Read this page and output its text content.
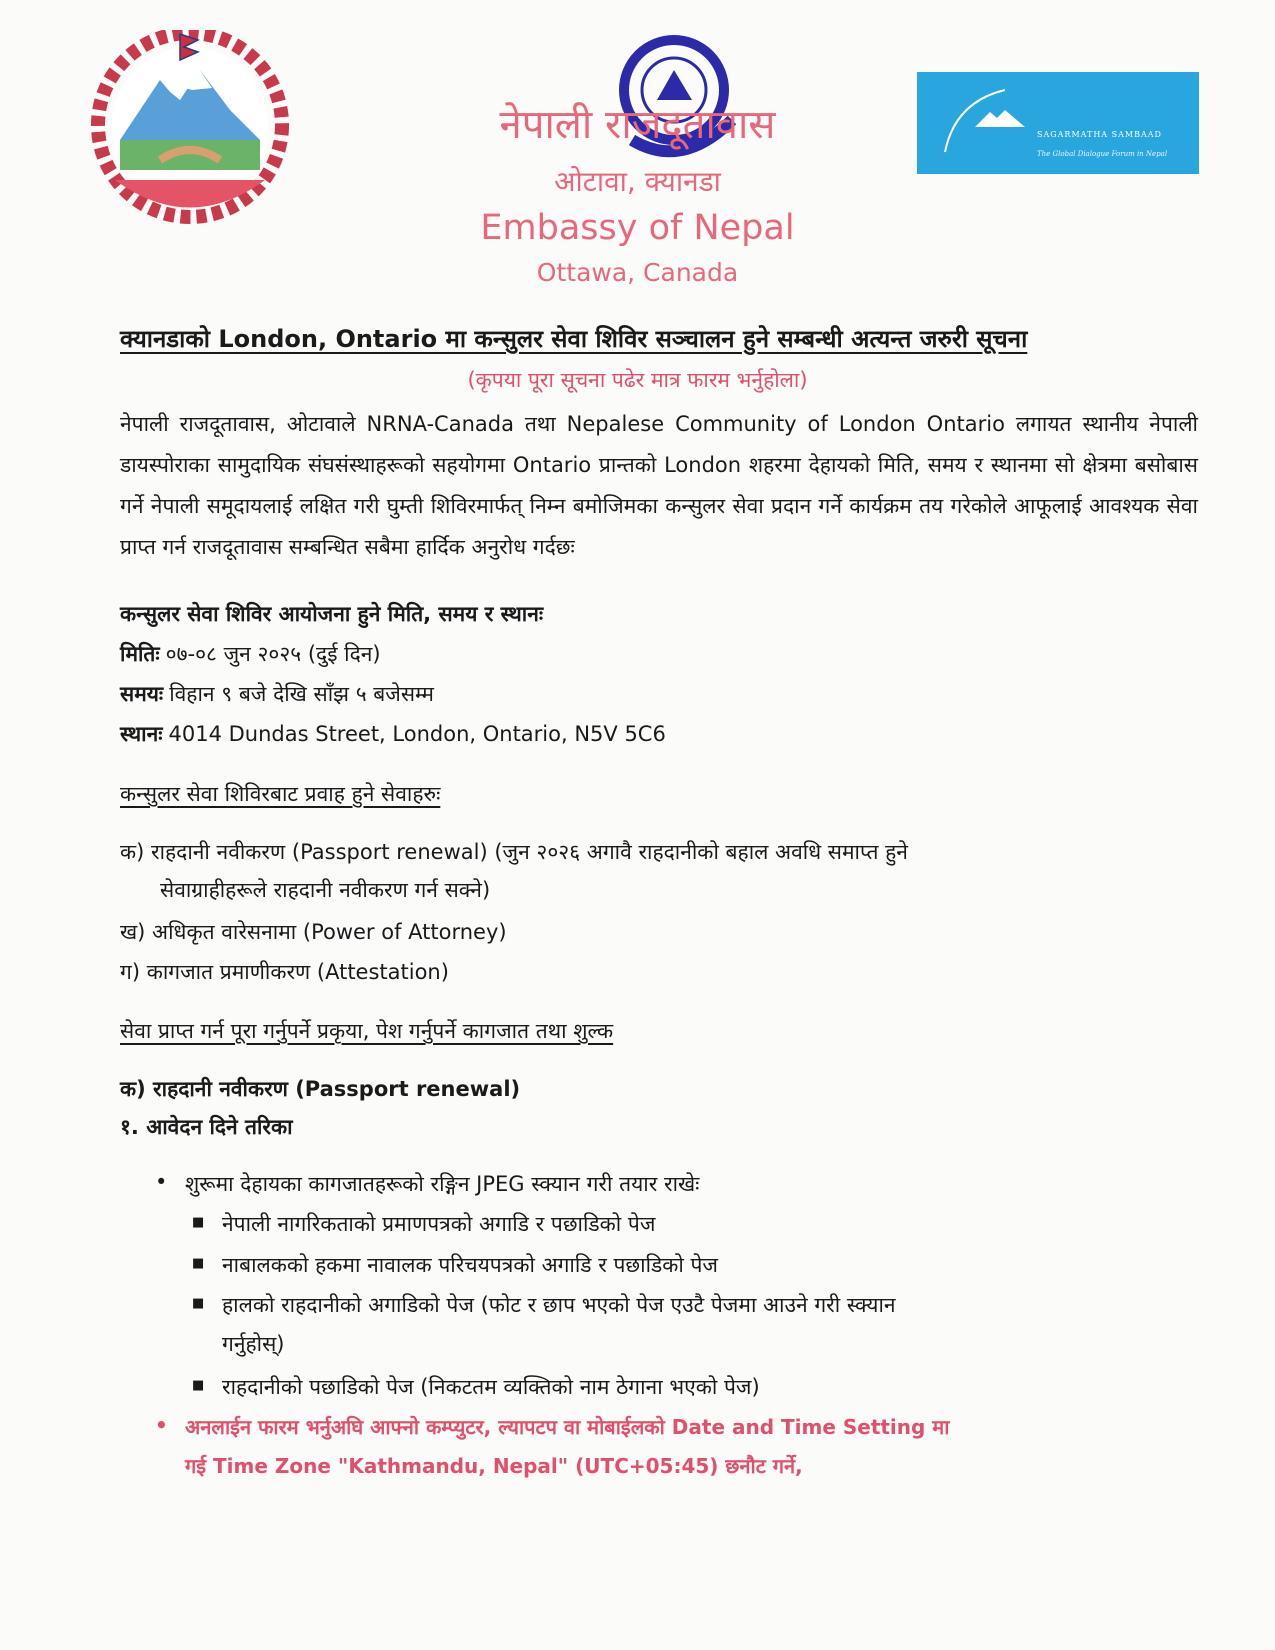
SAGARMATHA SAMBAAD
The Global Dialogue Forum in Nepal
नेपाली राजदूतावास
ओटावा, क्यानडा
Embassy of Nepal
Ottawa, Canada
क्यानडाको London, Ontario मा कन्सुलर सेवा शिविर सञ्चालन हुने सम्बन्धी अत्यन्त जरुरी सूचना
(कृपया पूरा सूचना पढेर मात्र फारम भर्नुहोला)
नेपाली राजदूतावास, ओटावाले NRNA-Canada तथा Nepalese Community of London Ontario लगायत स्थानीय नेपाली डायस्पोराका सामुदायिक संघसंस्थाहरूको सहयोगमा Ontario प्रान्तको London शहरमा देहायको मिति, समय र स्थानमा सो क्षेत्रमा बसोबास गर्ने नेपाली समूदायलाई लक्षित गरी घुम्ती शिविरमार्फत् निम्न बमोजिमका कन्सुलर सेवा प्रदान गर्ने कार्यक्रम तय गरेकोले आफूलाई आवश्यक सेवा प्राप्त गर्न राजदूतावास सम्बन्धित सबैमा हार्दिक अनुरोध गर्दछः
कन्सुलर सेवा शिविर आयोजना हुने मिति, समय र स्थानः
मितिः ०७-०८ जुन २०२५ (दुई दिन)
समयः विहान ९ बजे देखि साँझ ५ बजेसम्म
स्थानः 4014 Dundas Street, London, Ontario, N5V 5C6
कन्सुलर सेवा शिविरबाट प्रवाह हुने सेवाहरुः
क) राहदानी नवीकरण (Passport renewal) (जुन २०२६ अगावै राहदानीको बहाल अवधि समाप्त हुने
सेवाग्राहीहरूले राहदानी नवीकरण गर्न सक्ने)
ख) अधिकृत वारेसनामा (Power of Attorney)
ग) कागजात प्रमाणीकरण (Attestation)
सेवा प्राप्त गर्न पूरा गर्नुपर्ने प्रकृया, पेश गर्नुपर्ने कागजात तथा शुल्क
क) राहदानी नवीकरण (Passport renewal)
१. आवेदन दिने तरिका
• शुरूमा देहायका कागजातहरूको रङ्गिन JPEG स्क्यान गरी तयार राखेः
■ नेपाली नागरिकताको प्रमाणपत्रको अगाडि र पछाडिको पेज
■ नाबालकको हकमा नावालक परिचयपत्रको अगाडि र पछाडिको पेज
■ हालको राहदानीको अगाडिको पेज (फोट र छाप भएको पेज एउटै पेजमा आउने गरी स्क्यान
गर्नुहोस्)
■ राहदानीको पछाडिको पेज (निकटतम व्यक्तिको नाम ठेगाना भएको पेज)
• अनलाईन फारम भर्नुअघि आफ्नो कम्प्युटर, ल्यापटप वा मोबाईलको Date and Time Setting मा
गई Time Zone "Kathmandu, Nepal" (UTC+05:45) छनौट गर्ने,
